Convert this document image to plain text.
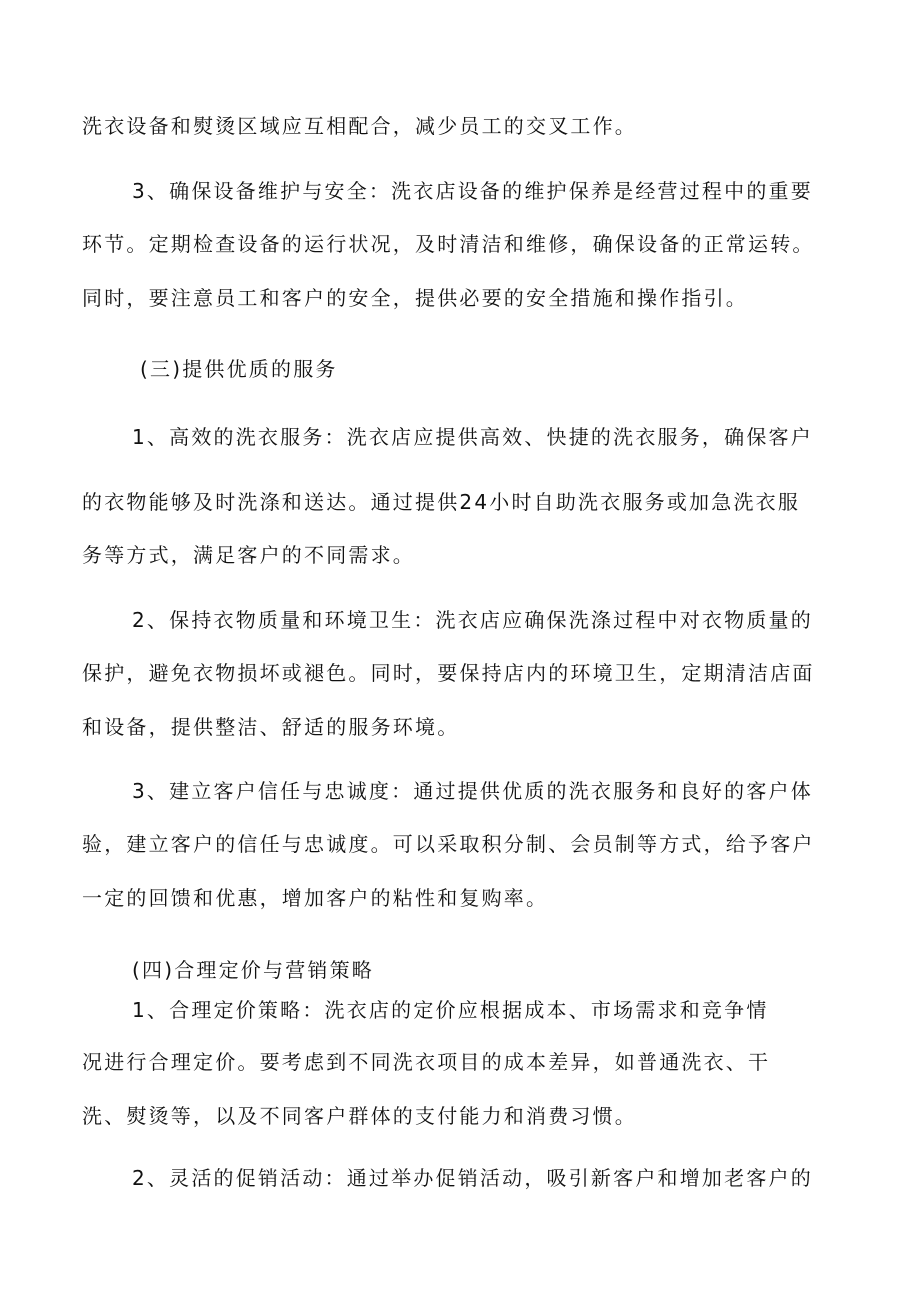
洗衣设备和熨烫区域应互相配合，减少员工的交叉工作。
3、确保设备维护与安全：洗衣店设备的维护保养是经营过程中的重要
环节。定期检查设备的运行状况，及时清洁和维修，确保设备的正常运转。
同时，要注意员工和客户的安全，提供必要的安全措施和操作指引。
(三)提供优质的服务
1、高效的洗衣服务：洗衣店应提供高效、快捷的洗衣服务，确保客户
的衣物能够及时洗涤和送达。通过提供24小时自助洗衣服务或加急洗衣服
务等方式，满足客户的不同需求。
2、保持衣物质量和环境卫生：洗衣店应确保洗涤过程中对衣物质量的
保护，避免衣物损坏或褪色。同时，要保持店内的环境卫生，定期清洁店面
和设备，提供整洁、舒适的服务环境。
3、建立客户信任与忠诚度：通过提供优质的洗衣服务和良好的客户体
验，建立客户的信任与忠诚度。可以采取积分制、会员制等方式，给予客户
一定的回馈和优惠，增加客户的粘性和复购率。
(四)合理定价与营销策略
1、合理定价策略：洗衣店的定价应根据成本、市场需求和竞争情
况进行合理定价。要考虑到不同洗衣项目的成本差异，如普通洗衣、干
洗、熨烫等，以及不同客户群体的支付能力和消费习惯。
2、灵活的促销活动：通过举办促销活动，吸引新客户和增加老客户的
